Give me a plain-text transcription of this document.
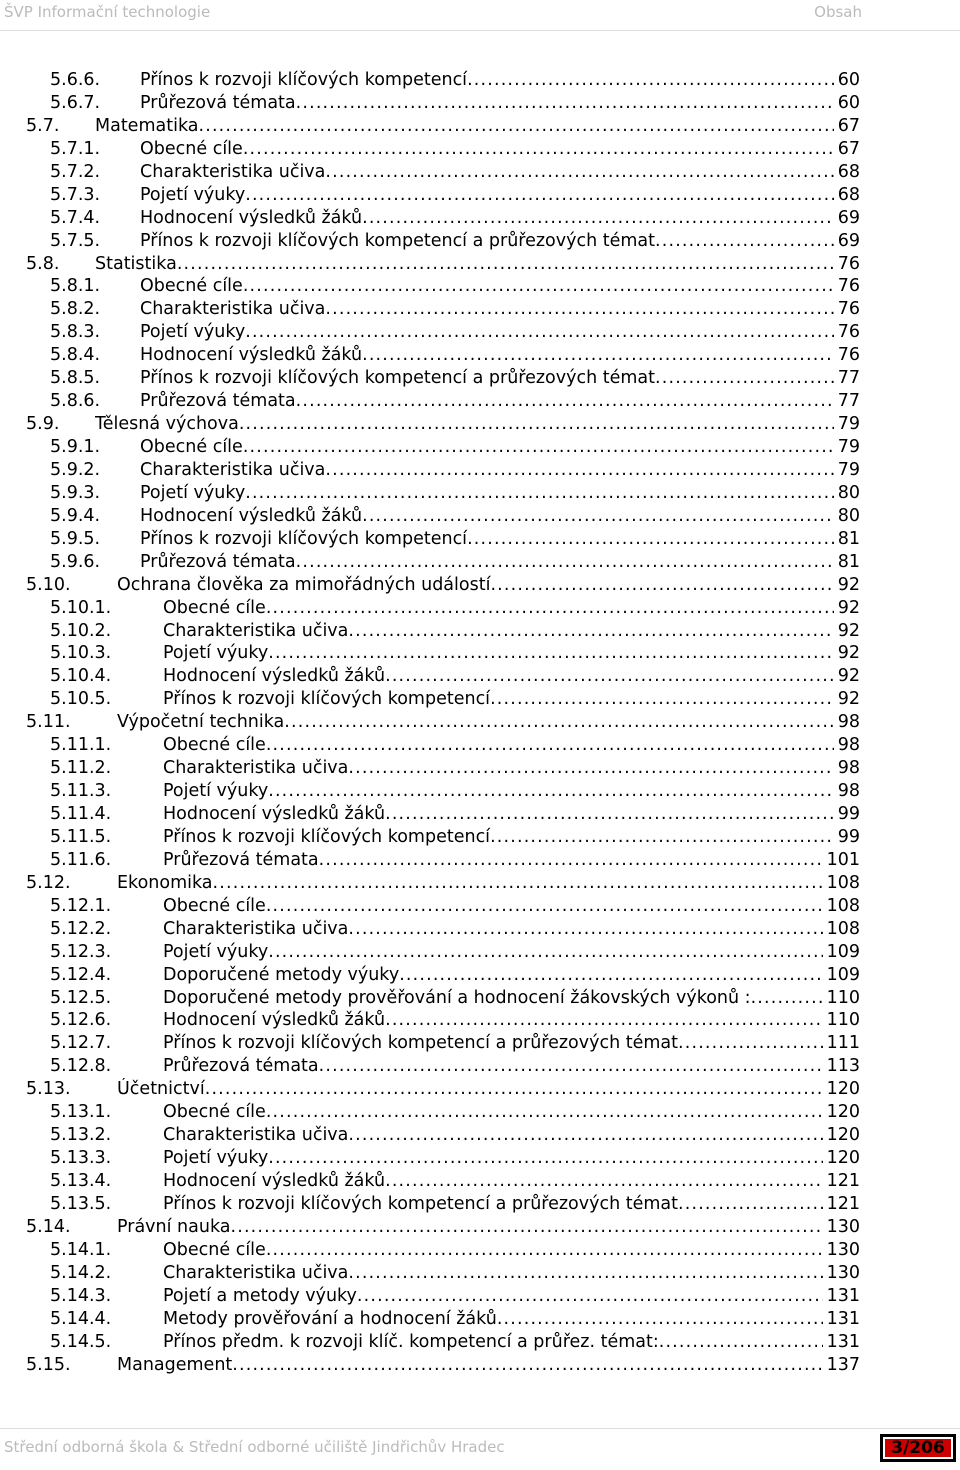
ŠVP Informační technologie	Obsah
5.6.6. Přínos k rozvoji klíčových kompetencí . . .	60
5.6.7. Průřezová témata . . .	60
5.7. Matematika . . .	67
5.7.1. Obecné cíle . . .	67
5.7.2. Charakteristika učiva . . .	68
5.7.3. Pojetí výuky . . .	68
5.7.4. Hodnocení výsledků žáků . . .	69
5.7.5. Přínos k rozvoji klíčových kompetencí a průřezových témat . . .	69
5.8. Statistika . . .	76
5.8.1. Obecné cíle . . .	76
5.8.2. Charakteristika učiva . . .	76
5.8.3. Pojetí výuky . . .	76
5.8.4. Hodnocení výsledků žáků . . .	76
5.8.5. Přínos k rozvoji klíčových kompetencí a průřezových témat . . .	77
5.8.6. Průřezová témata . . .	77
5.9. Tělesná výchova . . .	79
5.9.1. Obecné cíle . . .	79
5.9.2. Charakteristika učiva . . .	79
5.9.3. Pojetí výuky . . .	80
5.9.4. Hodnocení výsledků žáků . . .	80
5.9.5. Přínos k rozvoji klíčových kompetencí . . .	81
5.9.6. Průřezová témata . . .	81
5.10.	Ochrana člověka za mimořádných událostí . . .	92
5.10.1.	Obecné cíle . . .	92
5.10.2.	Charakteristika učiva . . .	92
5.10.3.	Pojetí výuky . . .	92
5.10.4.	Hodnocení výsledků žáků . . .	92
5.10.5.	Přínos k rozvoji klíčových kompetencí . . .	92
5.11.	Výpočetní technika . . .	98
5.11.1.	Obecné cíle . . .	98
5.11.2.	Charakteristika učiva . . .	98
5.11.3.	Pojetí výuky . . .	98
5.11.4.	Hodnocení výsledků žáků . . .	99
5.11.5.	Přínos k rozvoji klíčových kompetencí . . .	99
5.11.6.	Průřezová témata . . .	101
5.12.	Ekonomika . . .	108
5.12.1.	Obecné cíle . . .	108
5.12.2.	Charakteristika učiva . . .	108
5.12.3.	Pojetí výuky . . .	109
5.12.4.	Doporučené metody výuky . . .	109
5.12.5.	Doporučené metody prověřování a hodnocení žákovských výkonů : . . .	110
5.12.6.	Hodnocení výsledků žáků . . .	110
5.12.7.	Přínos k rozvoji klíčových kompetencí a průřezových témat . . .	111
5.12.8.	Průřezová témata . . .	113
5.13.	Účetnictví . . .	120
5.13.1.	Obecné cíle . . .	120
5.13.2.	Charakteristika učiva . . .	120
5.13.3.	Pojetí výuky . . .	120
5.13.4.	Hodnocení výsledků žáků . . .	121
5.13.5.	Přínos k rozvoji klíčových kompetencí a průřezových témat . . .	121
5.14.	Právní nauka . . .	130
5.14.1.	Obecné cíle . . .	130
5.14.2.	Charakteristika učiva . . .	130
5.14.3.	Pojetí a metody výuky . . .	131
5.14.4.	Metody prověřování a hodnocení žáků . . .	131
5.14.5.	Přínos předm. k rozvoji klíč. kompetencí a průřez. témat: . . .	131
5.15.	Management . . .	137
Střední odborná škola & Střední odborné učiliště Jindřichův Hradec	3/206
